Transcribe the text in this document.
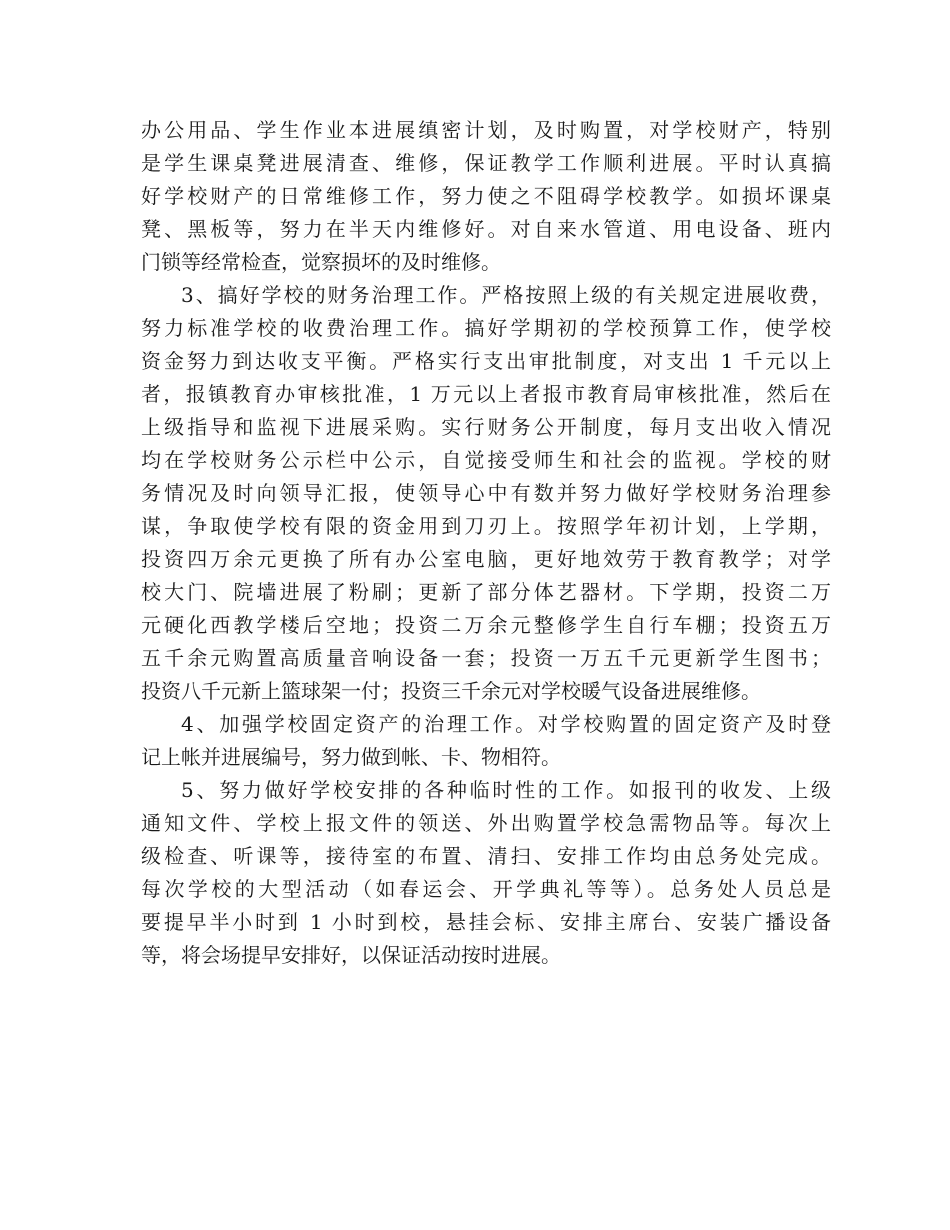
办公用品、学生作业本进展缜密计划，及时购置，对学校财产，特别
是学生课桌凳进展清查、维修，保证教学工作顺利进展。平时认真搞
好学校财产的日常维修工作，努力使之不阻碍学校教学。如损坏课桌
凳、黑板等，努力在半天内维修好。对自来水管道、用电设备、班内
门锁等经常检查，觉察损坏的及时维修。
3、搞好学校的财务治理工作。严格按照上级的有关规定进展收费，
努力标准学校的收费治理工作。搞好学期初的学校预算工作，使学校
资金努力到达收支平衡。严格实行支出审批制度，对支出 1 千元以上
者，报镇教育办审核批准，1 万元以上者报市教育局审核批准，然后在
上级指导和监视下进展采购。实行财务公开制度，每月支出收入情况
均在学校财务公示栏中公示，自觉接受师生和社会的监视。学校的财
务情况及时向领导汇报，使领导心中有数并努力做好学校财务治理参
谋，争取使学校有限的资金用到刀刃上。按照学年初计划，上学期，
投资四万余元更换了所有办公室电脑，更好地效劳于教育教学；对学
校大门、院墙进展了粉刷；更新了部分体艺器材。下学期，投资二万
元硬化西教学楼后空地；投资二万余元整修学生自行车棚；投资五万
五千余元购置高质量音响设备一套；投资一万五千元更新学生图书；
投资八千元新上篮球架一付；投资三千余元对学校暖气设备进展维修。
4、加强学校固定资产的治理工作。对学校购置的固定资产及时登
记上帐并进展编号，努力做到帐、卡、物相符。
5、努力做好学校安排的各种临时性的工作。如报刊的收发、上级
通知文件、学校上报文件的领送、外出购置学校急需物品等。每次上
级检查、听课等，接待室的布置、清扫、安排工作均由总务处完成。
每次学校的大型活动（如春运会、开学典礼等等）。总务处人员总是
要提早半小时到 1 小时到校，悬挂会标、安排主席台、安装广播设备
等，将会场提早安排好，以保证活动按时进展。
